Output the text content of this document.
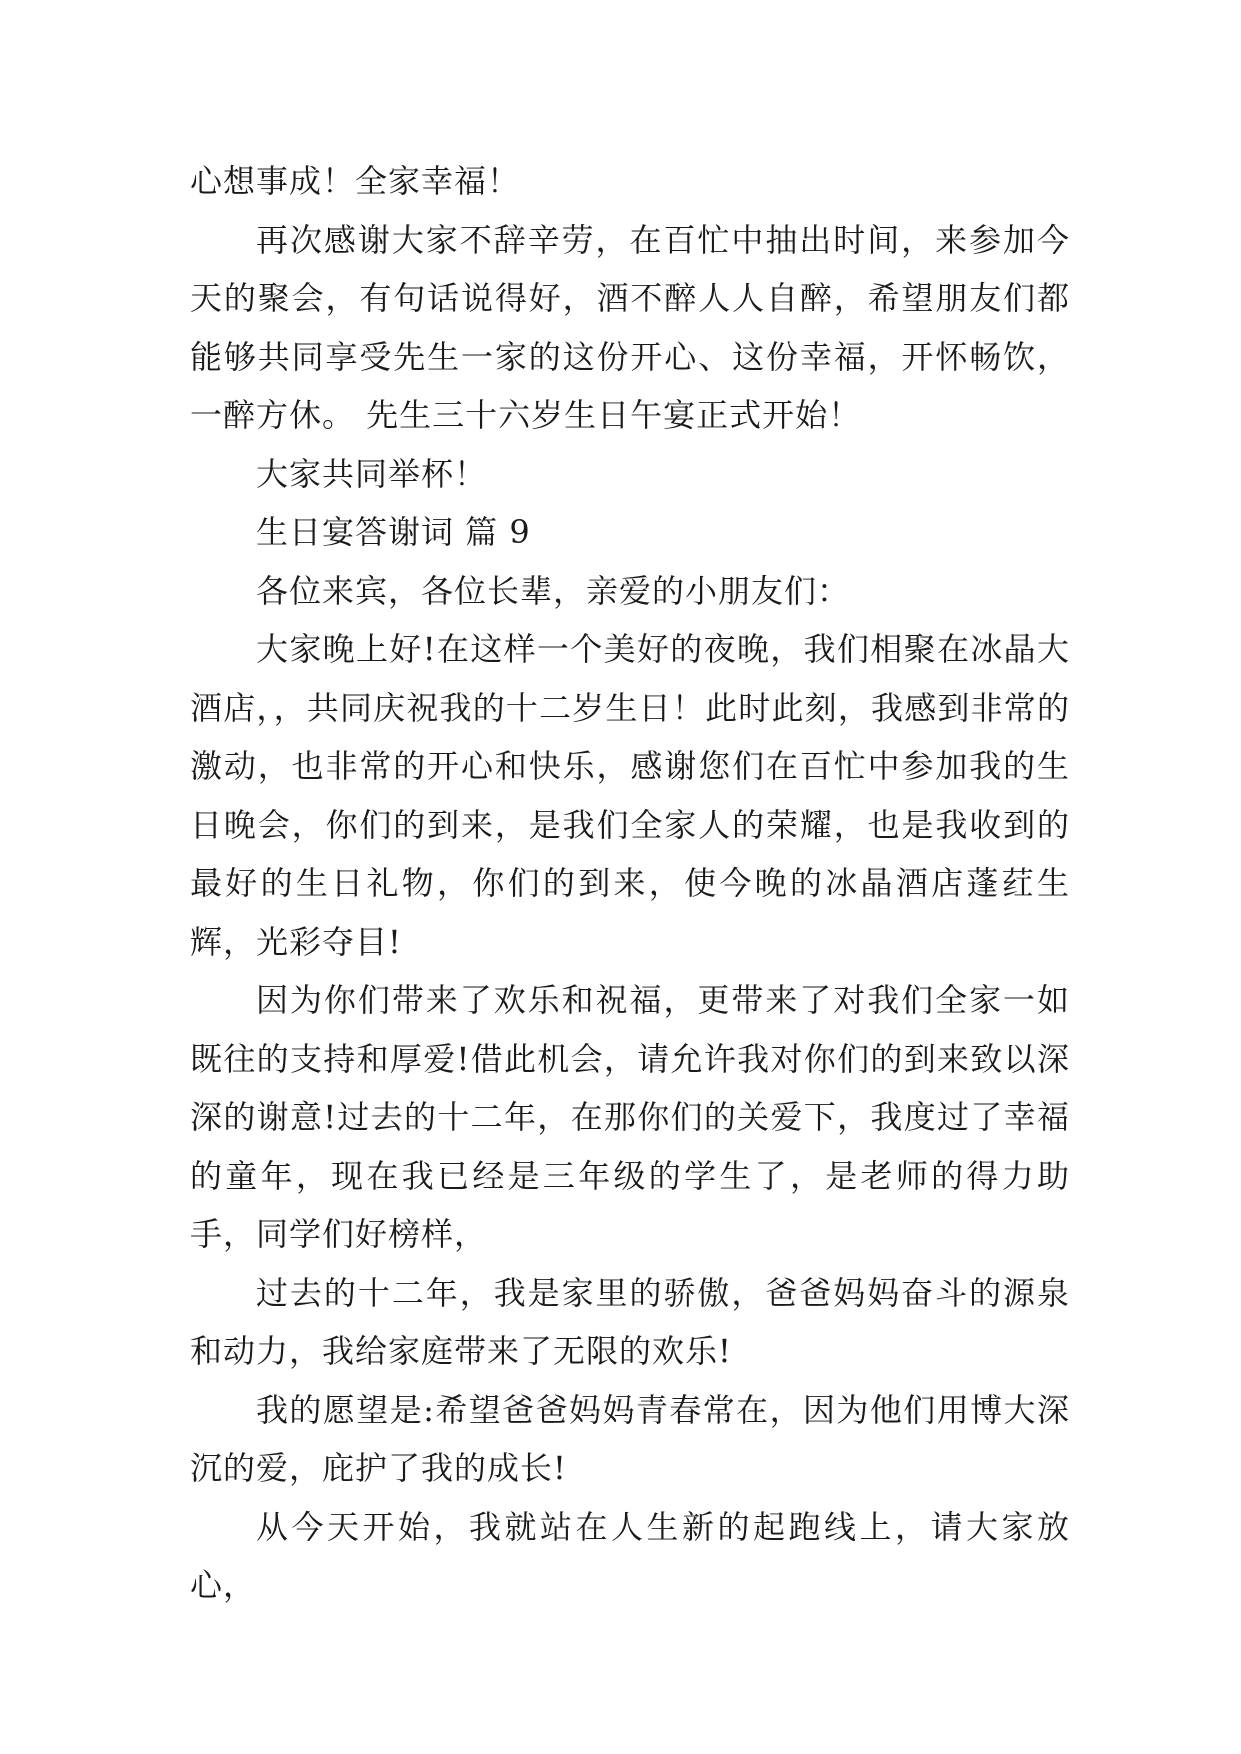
心想事成！全家幸福！

再次感谢大家不辞辛劳，在百忙中抽出时间，来参加今天的聚会，有句话说得好，酒不醉人人自醉，希望朋友们都能够共同享受先生一家的这份开心、这份幸福，开怀畅饮，一醉方休。 先生三十六岁生日午宴正式开始！

大家共同举杯！

生日宴答谢词 篇 9

各位来宾，各位长辈，亲爱的小朋友们：

大家晚上好!在这样一个美好的夜晚，我们相聚在冰晶大酒店，，共同庆祝我的十二岁生日！此时此刻，我感到非常的激动，也非常的开心和快乐，感谢您们在百忙中参加我的生日晚会，你们的到来，是我们全家人的荣耀，也是我收到的最好的生日礼物，你们的到来，使今晚的冰晶酒店蓬荭生辉，光彩夺目!

因为你们带来了欢乐和祝福，更带来了对我们全家一如既往的支持和厚爱!借此机会，请允许我对你们的到来致以深深的谢意!过去的十二年，在那你们的关爱下，我度过了幸福的童年，现在我已经是三年级的学生了，是老师的得力助手，同学们好榜样，

过去的十二年，我是家里的骄傲，爸爸妈妈奋斗的源泉和动力，我给家庭带来了无限的欢乐!

我的愿望是:希望爸爸妈妈青春常在，因为他们用博大深沉的爱，庇护了我的成长!

从今天开始，我就站在人生新的起跑线上，请大家放心，
